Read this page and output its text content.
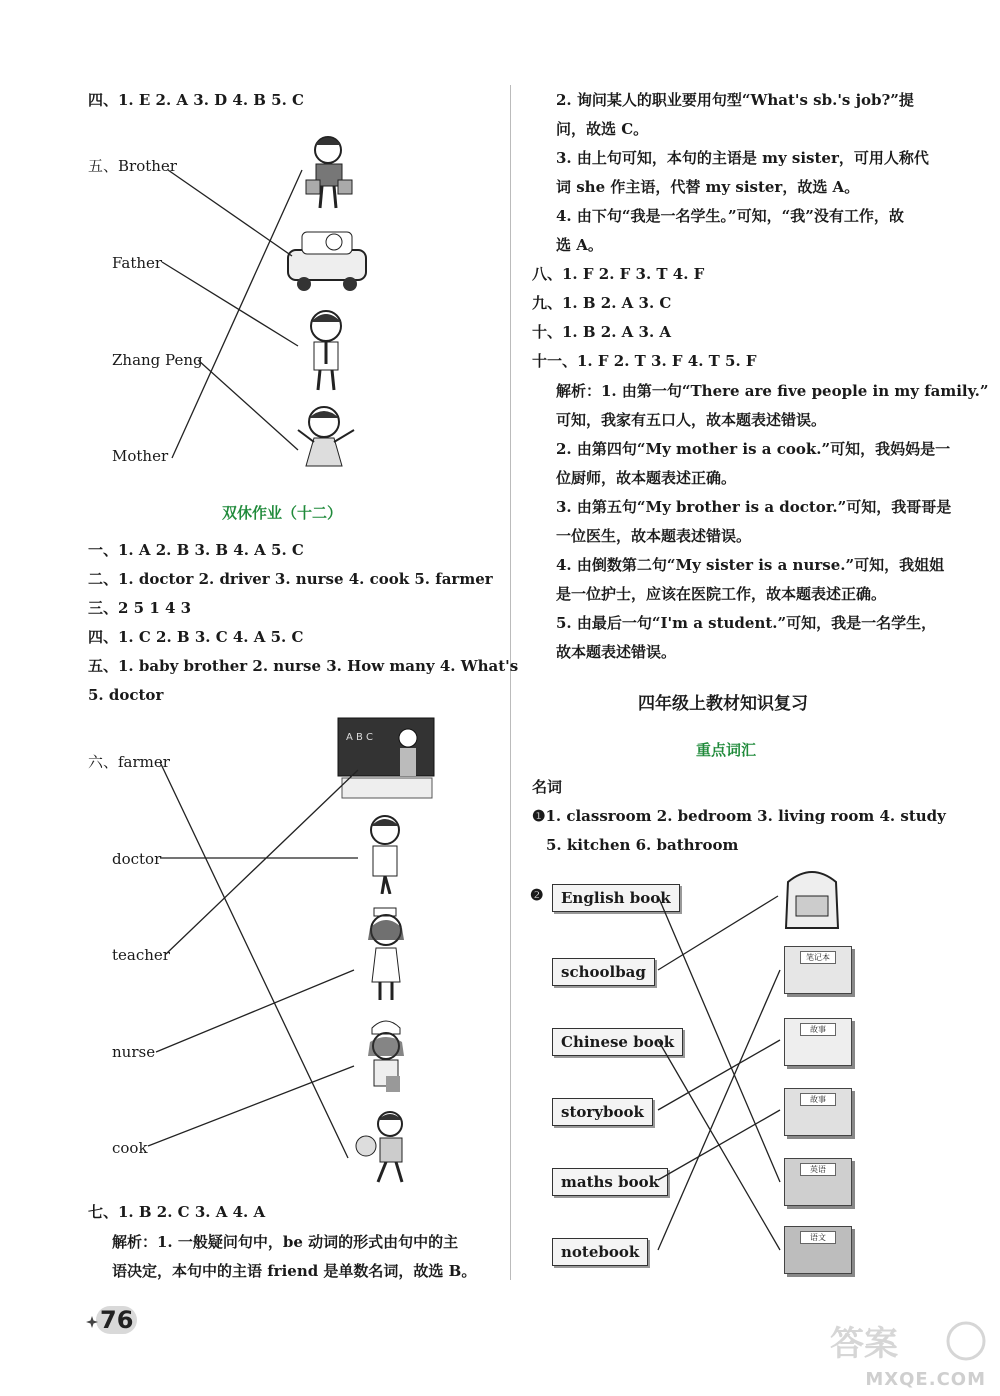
四、1. E 2. A 3. D 4. B 5. C
五、Brother
Father
Zhang Peng
Mother
双休作业（十二）
一、1. A 2. B 3. B 4. A 5. C
二、1. doctor 2. driver 3. nurse 4. cook 5. farmer
三、2 5 1 4 3
四、1. C 2. B 3. C 4. A 5. C
五、1. baby brother 2. nurse 3. How many 4. What's
5. doctor
六、farmer
doctor
teacher
nurse
cook
A B C
七、1. B 2. C 3. A 4. A
解析：1. 一般疑问句中，be 动词的形式由句中的主
语决定，本句中的主语 friend 是单数名词，故选 B。
2. 询问某人的职业要用句型“What's sb.'s job?”提
问，故选 C。
3. 由上句可知，本句的主语是 my sister，可用人称代
词 she 作主语，代替 my sister，故选 A。
4. 由下句“我是一名学生。”可知，“我”没有工作，故
选 A。
八、1. F 2. F 3. T 4. F
九、1. B 2. A 3. C
十、1. B 2. A 3. A
十一、1. F 2. T 3. F 4. T 5. F
解析：1. 由第一句“There are five people in my family.”
可知，我家有五口人，故本题表述错误。
2. 由第四句“My mother is a cook.”可知，我妈妈是一
位厨师，故本题表述正确。
3. 由第五句“My brother is a doctor.”可知，我哥哥是
一位医生，故本题表述错误。
4. 由倒数第二句“My sister is a nurse.”可知，我姐姐
是一位护士，应该在医院工作，故本题表述正确。
5. 由最后一句“I'm a student.”可知，我是一名学生，
故本题表述错误。
四年级上教材知识复习
重点词汇
名词
❶1. classroom 2. bedroom 3. living room 4. study
5. kitchen 6. bathroom
❷	English book
schoolbag
Chinese book
storybook
maths book
notebook
笔记本
故事
故事
英语
语文
76
答案
MXQE.COM
